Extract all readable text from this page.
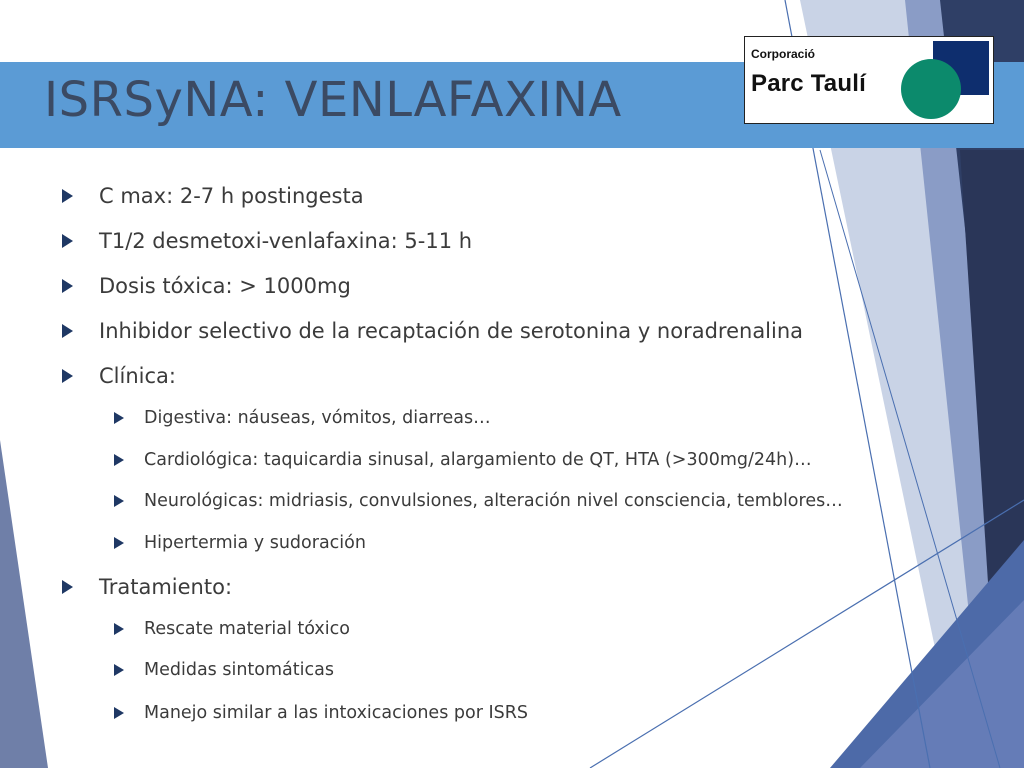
ISRSyNA: VENLAFAXINA
Corporació
Parc Taulí
C max: 2-7 h postingesta
T1/2 desmetoxi-venlafaxina: 5-11 h
Dosis tóxica: > 1000mg
Inhibidor selectivo de la recaptación de serotonina y noradrenalina
Clínica:
Digestiva: náuseas, vómitos, diarreas…
Cardiológica: taquicardia sinusal, alargamiento de QT, HTA (>300mg/24h)…
Neurológicas: midriasis, convulsiones, alteración nivel consciencia, temblores…
Hipertermia y sudoración
Tratamiento:
Rescate material tóxico
Medidas sintomáticas
Manejo similar a las intoxicaciones por ISRS
